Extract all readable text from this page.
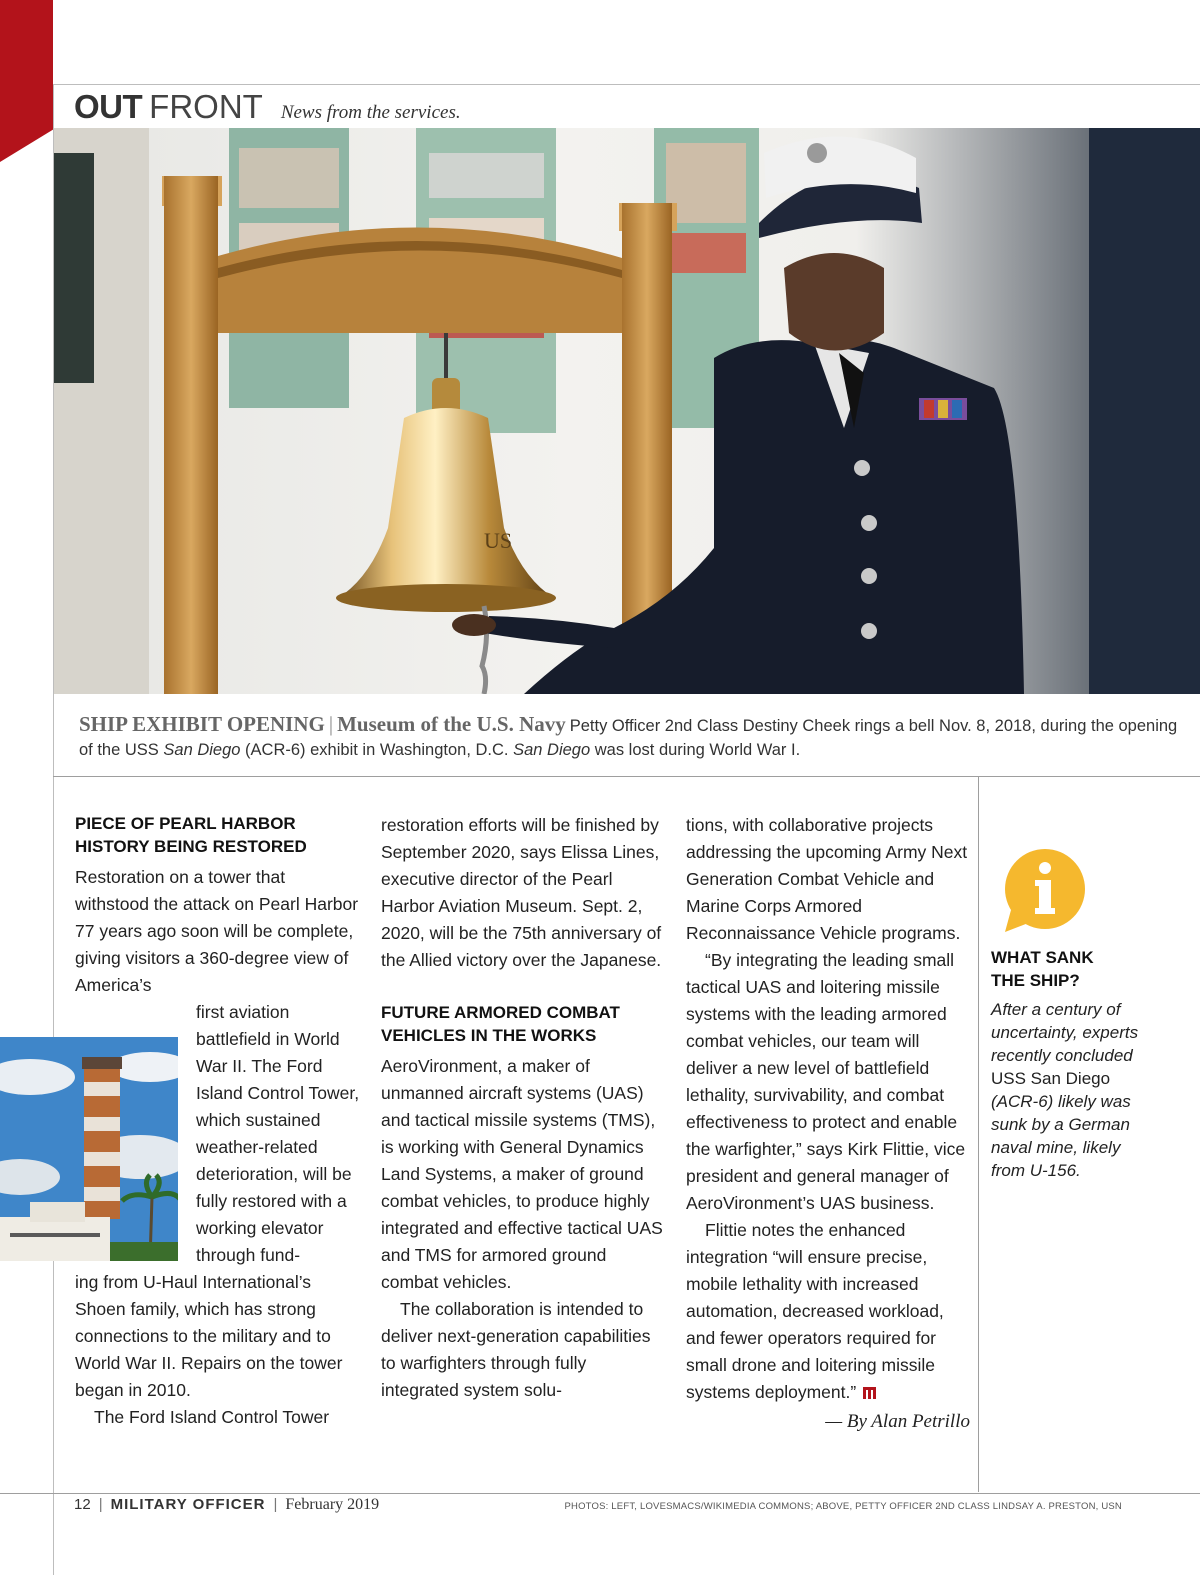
OUT FRONT News from the services.
US
SHIP EXHIBIT OPENING | Museum of the U.S. Navy Petty Officer 2nd Class Destiny Cheek rings a bell Nov. 8, 2018, during the opening of the USS San Diego (ACR-6) exhibit in Washington, D.C. San Diego was lost during World War I.
PIECE OF PEARL HARBOR
HISTORY BEING RESTORED

Restoration on a tower that withstood the attack on Pearl Harbor 77 years ago soon will be complete, giving visitors a 360-degree view of America’s

first aviation battlefield in World War II. The Ford Island Control Tower, which sustained weather-related deterioration, will be fully restored with a working elevator through fund-

ing from U-Haul International’s Shoen family, which has strong connections to the military and to World War II. Repairs on the tower began in 2010.

The Ford Island Control Tower

restoration efforts will be finished by September 2020, says Elissa Lines, executive director of the Pearl Harbor Aviation Museum. Sept. 2, 2020, will be the 75th anniversary of the Allied victory over the Japanese.

FUTURE ARMORED COMBAT
VEHICLES IN THE WORKS

AeroVironment, a maker of unmanned aircraft systems (UAS) and tactical missile systems (TMS), is working with General Dynamics Land Systems, a maker of ground combat vehicles, to produce highly integrated and effective tactical UAS and TMS for armored ground combat vehicles.

The collaboration is intended to deliver next-generation capabilities to warfighters through fully integrated system solu-

tions, with collaborative projects addressing the upcoming Army Next Generation Combat Vehicle and Marine Corps Armored Reconnaissance Vehicle programs.

“By integrating the leading small tactical UAS and loitering missile systems with the leading armored combat vehicles, our team will deliver a new level of battlefield lethality, survivability, and combat effectiveness to protect and enable the warfighter,” says Kirk Flittie, vice president and general manager of AeroVironment’s UAS business.

Flittie notes the enhanced integration “will ensure precise, mobile lethality with increased automation, decreased workload, and fewer operators required for small drone and loitering missile systems deployment.”

— By Alan Petrillo
WHAT SANK
THE SHIP?
After a century of uncertainty, experts recently concluded USS San Diego (ACR-6) likely was sunk by a German naval mine, likely from U-156.
12 | MILITARY OFFICER | February 2019	PHOTOS: LEFT, LOVESMACS/WIKIMEDIA COMMONS; ABOVE, PETTY OFFICER 2ND CLASS LINDSAY A. PRESTON, USN
